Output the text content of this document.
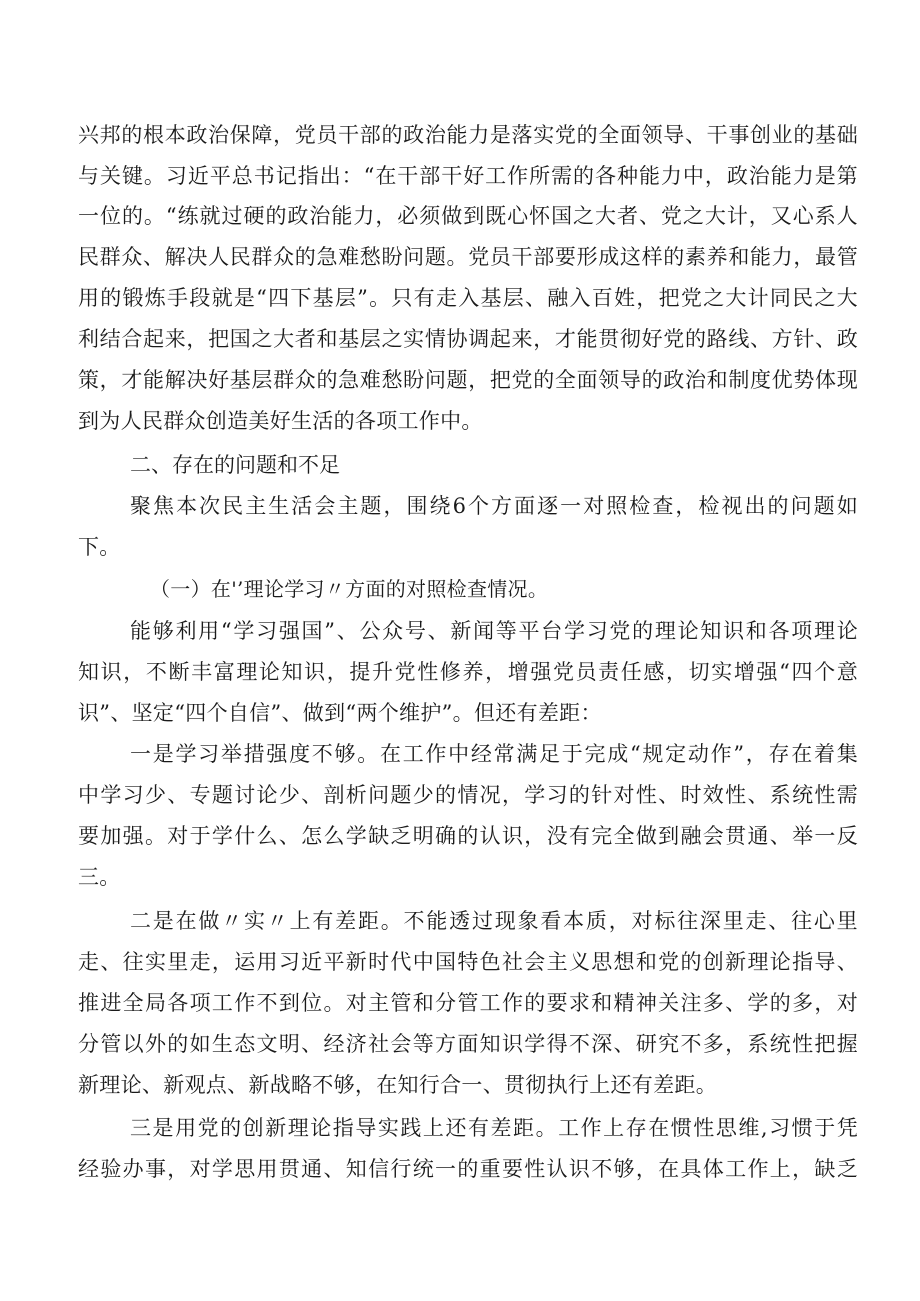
兴邦的根本政治保障，党员干部的政治能力是落实党的全面领导、干事创业的基础
与关键。习近平总书记指出：“在干部干好工作所需的各种能力中，政治能力是第
一位的。“练就过硬的政治能力，必须做到既心怀国之大者、党之大计，又心系人
民群众、解决人民群众的急难愁盼问题。党员干部要形成这样的素养和能力，最管
用的锻炼手段就是“四下基层”。只有走入基层、融入百姓，把党之大计同民之大
利结合起来，把国之大者和基层之实情协调起来，才能贯彻好党的路线、方针、政
策，才能解决好基层群众的急难愁盼问题，把党的全面领导的政治和制度优势体现
到为人民群众创造美好生活的各项工作中。
二、存在的问题和不足
聚焦本次民主生活会主题，围绕6个方面逐一对照检查，检视出的问题如
下。
（一）在'’理论学习〃方面的对照检查情况。
能够利用“学习强国”、公众号、新闻等平台学习党的理论知识和各项理论
知识，不断丰富理论知识，提升党性修养，增强党员责任感，切实增强“四个意
识”、坚定“四个自信”、做到“两个维护”。但还有差距：
一是学习举措强度不够。在工作中经常满足于完成“规定动作”，存在着集
中学习少、专题讨论少、剖析问题少的情况，学习的针对性、时效性、系统性需
要加强。对于学什么、怎么学缺乏明确的认识，没有完全做到融会贯通、举一反
三。
二是在做〃实〃上有差距。不能透过现象看本质，对标往深里走、往心里
走、往实里走，运用习近平新时代中国特色社会主义思想和党的创新理论指导、
推进全局各项工作不到位。对主管和分管工作的要求和精神关注多、学的多，对
分管以外的如生态文明、经济社会等方面知识学得不深、研究不多，系统性把握
新理论、新观点、新战略不够，在知行合一、贯彻执行上还有差距。
三是用党的创新理论指导实践上还有差距。工作上存在惯性思维,习惯于凭
经验办事，对学思用贯通、知信行统一的重要性认识不够，在具体工作上，缺乏
